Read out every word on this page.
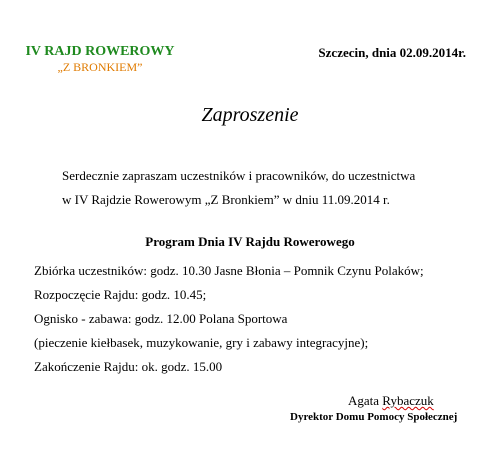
IV RAJD ROWEROWY
„Z BRONKIEM”
Szczecin, dnia 02.09.2014r.
Zaproszenie
Serdecznie zapraszam uczestników i pracowników, do uczestnictwa
w IV Rajdzie Rowerowym „Z Bronkiem” w dniu 11.09.2014 r.
Program Dnia IV Rajdu Rowerowego
Zbiórka uczestników: godz. 10.30 Jasne Błonia – Pomnik Czynu Polaków;
Rozpoczęcie Rajdu: godz. 10.45;
Ognisko - zabawa: godz. 12.00 Polana Sportowa
(pieczenie kiełbasek, muzykowanie, gry i zabawy integracyjne);
Zakończenie Rajdu: ok. godz. 15.00
Agata Rybaczuk
Dyrektor Domu Pomocy Społecznej
